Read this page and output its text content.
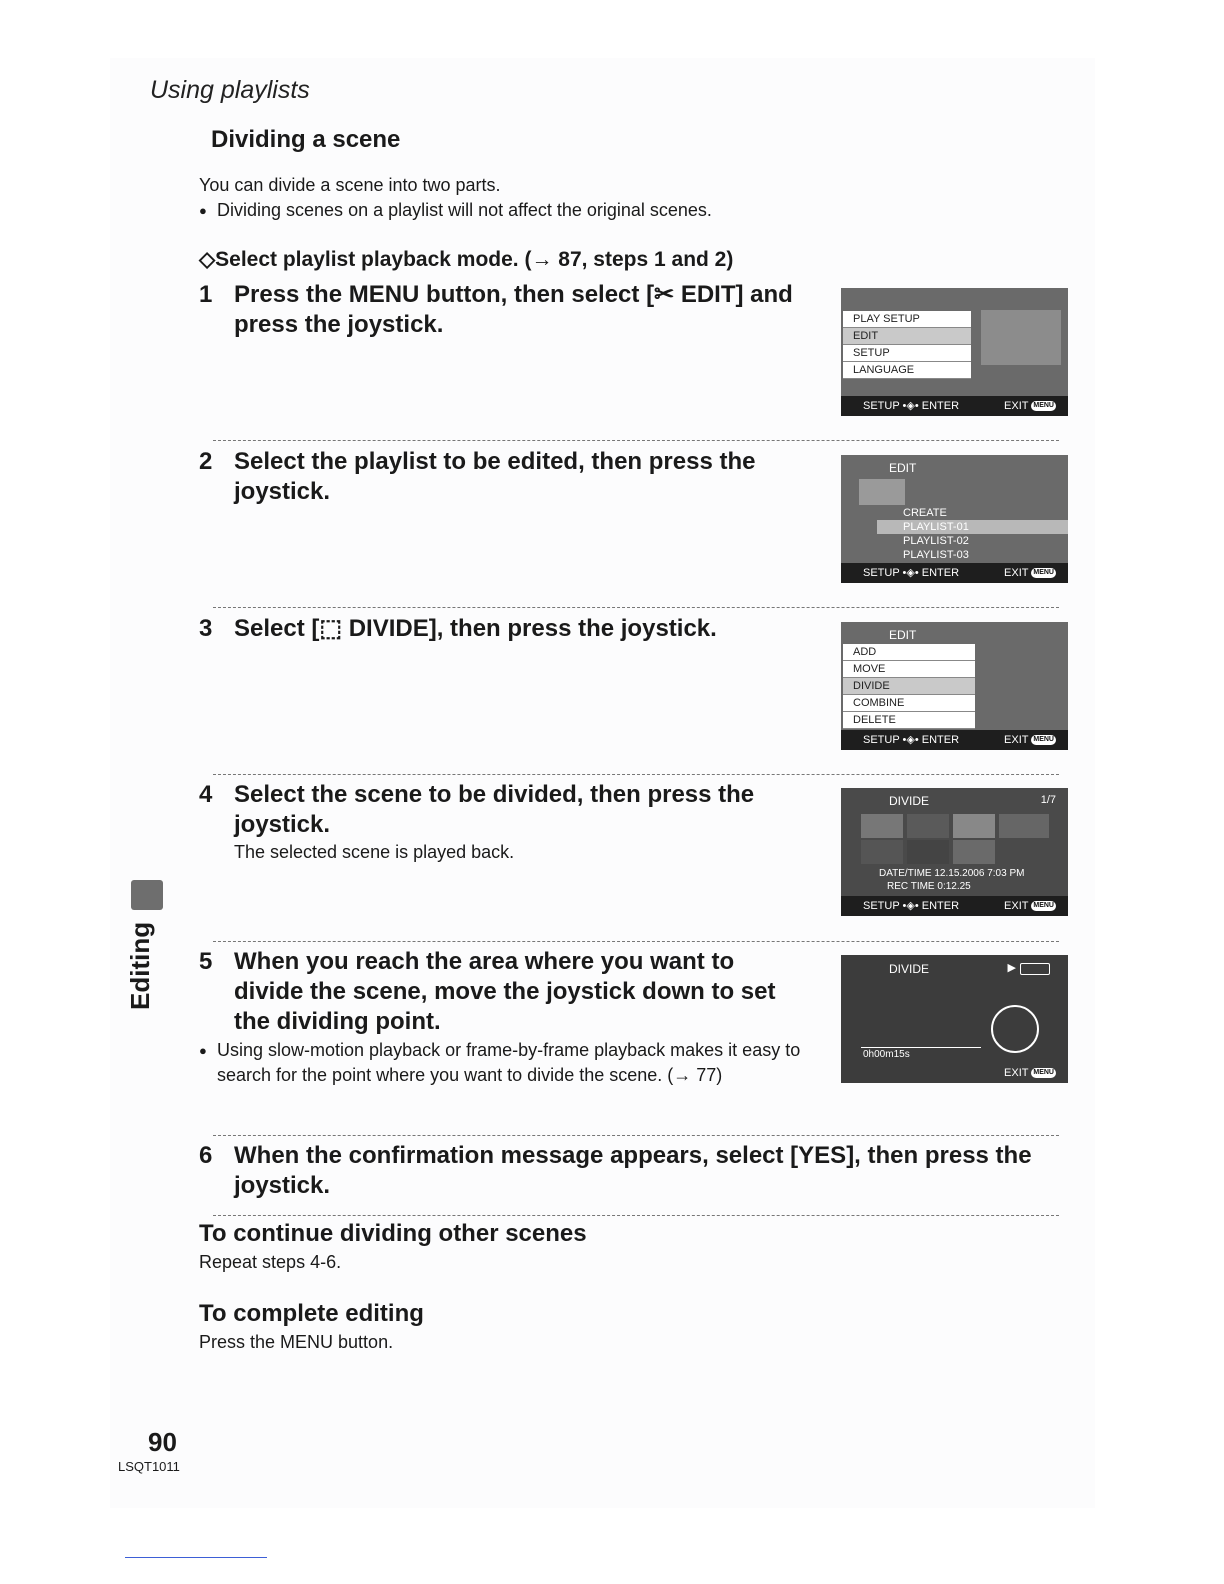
Using playlists
Dividing a scene
You can divide a scene into two parts.
● Dividing scenes on a playlist will not affect the original scenes.
◇Select playlist playback mode. (→ 87, steps 1 and 2)
1 Press the MENU button, then select [✂ EDIT] and press the joystick.	PLAY SETUP
EDIT
SETUP
LANGUAGE
SETUP •◈• ENTER	EXIT MENU
2 Select the playlist to be edited, then press the joystick.
EDIT
CREATE
PLAYLIST-01
PLAYLIST-02
PLAYLIST-03
SETUP •◈• ENTER	EXIT MENU
3 Select [⬚ DIVIDE], then press the joystick.	EDIT
ADD
MOVE
DIVIDE
COMBINE
DELETE
SETUP •◈• ENTER	EXIT MENU
4 Select the scene to be divided, then press the joystick.
The selected scene is played back.
DIVIDE	1/7
DATE/TIME 12.15.2006 7:03 PM
REC TIME 0:12.25
SETUP •◈• ENTER	EXIT MENU
5 When you reach the area where you want to divide the scene, move the joystick down to set the dividing point.
● Using slow-motion playback or frame-by-frame playback makes it easy to search for the point where you want to divide the scene. (→ 77)
DIVIDE	▶
0h00m15s
EXIT MENU
6 When the confirmation message appears, select [YES], then press the joystick.
To continue dividing other scenes
Repeat steps 4-6.
To complete editing
Press the MENU button.
Editing
90
LSQT1011
